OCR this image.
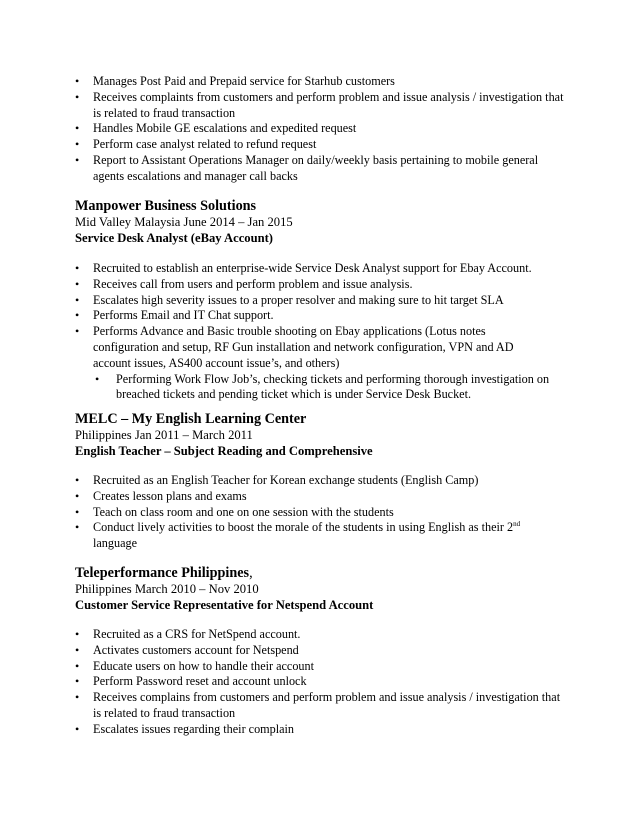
• Manages Post Paid and Prepaid service for Starhub customers
• Receives complaints from customers and perform problem and issue analysis / investigation that is related to fraud transaction
• Handles Mobile GE escalations and expedited request
• Perform case analyst related to refund request
• Report to Assistant Operations Manager on daily/weekly basis pertaining to mobile general agents escalations and manager call backs
Manpower Business Solutions
Mid Valley Malaysia June 2014 – Jan 2015
Service Desk Analyst (eBay Account)
• Recruited to establish an enterprise-wide Service Desk Analyst support for Ebay Account.
• Receives call from users and perform problem and issue analysis.
• Escalates high severity issues to a proper resolver and making sure to hit target SLA
• Performs Email and IT Chat support.
• Performs Advance and Basic trouble shooting on Ebay applications (Lotus notes configuration and setup, RF Gun installation and network configuration, VPN and AD account issues, AS400 account issue’s, and others)
• Performing Work Flow Job’s, checking tickets and performing thorough investigation on breached tickets and pending ticket which is under Service Desk Bucket.
MELC – My English Learning Center
Philippines Jan 2011 – March 2011
English Teacher – Subject Reading and Comprehensive
• Recruited as an English Teacher for Korean exchange students (English Camp)
• Creates lesson plans and exams
• Teach on class room and one on one session with the students
• Conduct lively activities to boost the morale of the students in using English as their 2nd
language
Teleperformance Philippines,
Philippines March 2010 – Nov 2010
Customer Service Representative for Netspend Account
• Recruited as a CRS for NetSpend account.
• Activates customers account for Netspend
• Educate users on how to handle their account
• Perform Password reset and account unlock
• Receives complains from customers and perform problem and issue analysis / investigation that is related to fraud transaction
• Escalates issues regarding their complain
